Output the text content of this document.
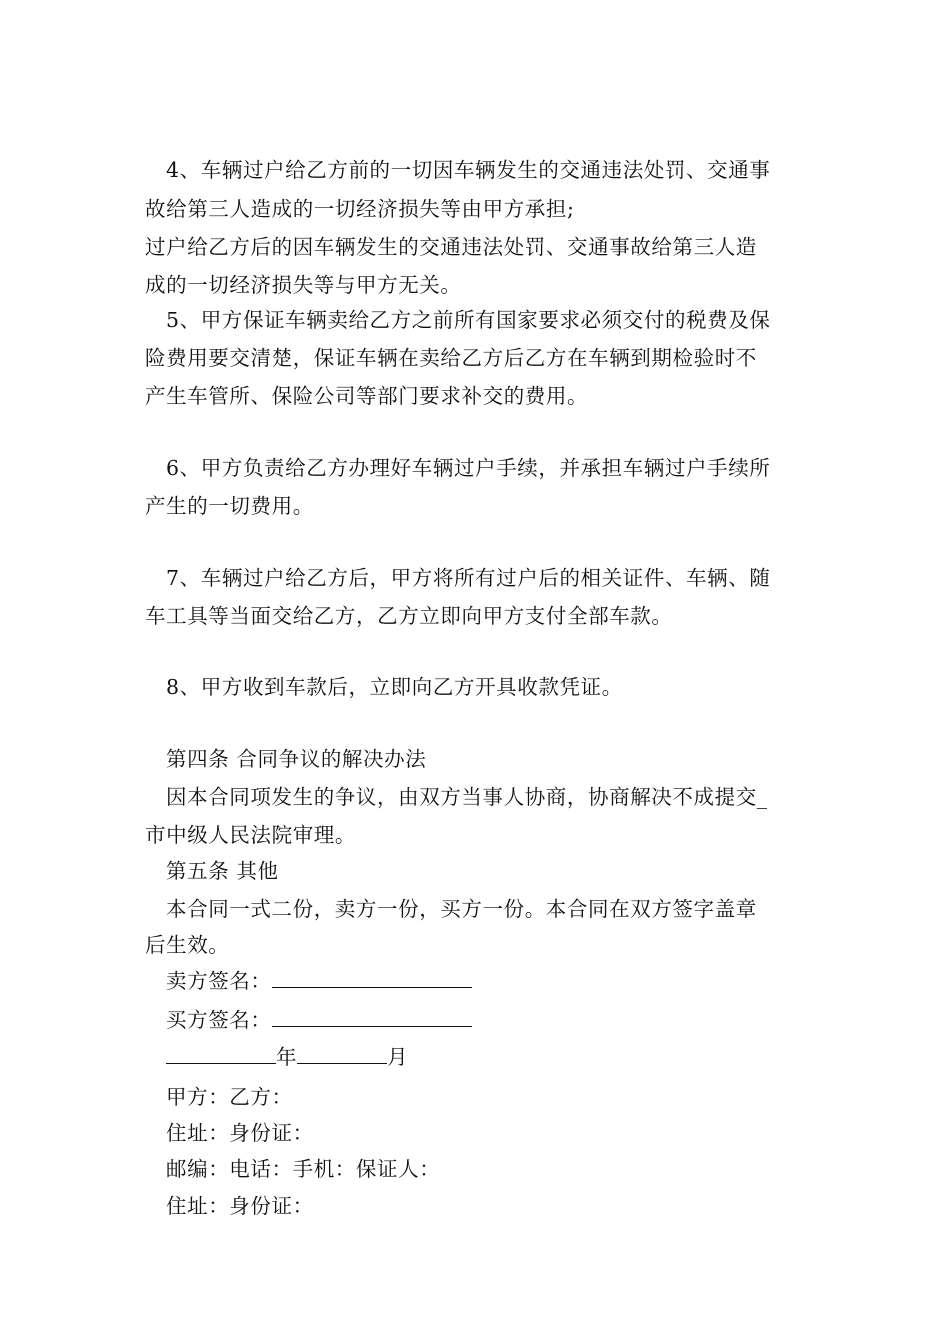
4、车辆过户给乙方前的一切因车辆发生的交通违法处罚、交通事
故给第三人造成的一切经济损失等由甲方承担;
过户给乙方后的因车辆发生的交通违法处罚、交通事故给第三人造
成的一切经济损失等与甲方无关。
5、甲方保证车辆卖给乙方之前所有国家要求必须交付的税费及保
险费用要交清楚，保证车辆在卖给乙方后乙方在车辆到期检验时不
产生车管所、保险公司等部门要求补交的费用。
6、甲方负责给乙方办理好车辆过户手续，并承担车辆过户手续所
产生的一切费用。
7、车辆过户给乙方后，甲方将所有过户后的相关证件、车辆、随
车工具等当面交给乙方，乙方立即向甲方支付全部车款。
8、甲方收到车款后，立即向乙方开具收款凭证。
第四条 合同争议的解决办法
因本合同项发生的争议，由双方当事人协商，协商解决不成提交_
市中级人民法院审理。
第五条 其他
本合同一式二份，卖方一份，买方一份。本合同在双方签字盖章
后生效。
卖方签名：
买方签名：
年	月
甲方：乙方：
住址：身份证：
邮编：电话：手机：保证人：
住址：身份证：
